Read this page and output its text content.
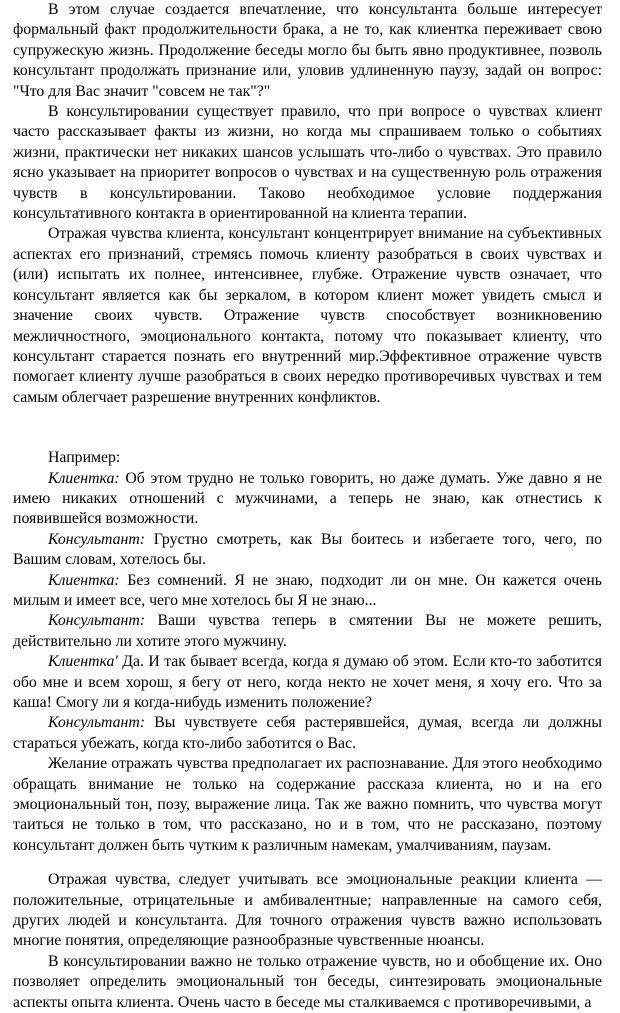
В этом случае создается впечатление, что консультанта больше интересует формальный факт продолжительности брака, а не то, как клиентка переживает свою супружескую жизнь. Продолжение беседы могло бы быть явно продуктивнее, позволь консультант продолжать признание или, уловив удлиненную паузу, задай он вопрос: "Что для Вас значит "совсем не так"?"

В консультировании существует правило, что при вопросе о чувствах клиент часто рассказывает факты из жизни, но когда мы спрашиваем только о событиях жизни, практически нет никаких шансов услышать что-либо о чувствах. Это правило ясно указывает на приоритет вопросов о чувствах и на существенную роль отражения чувств в консультировании. Таково необходимое условие поддержания консультативного контакта в ориентированной на клиента терапии.

Отражая чувства клиента, консультант концентрирует внимание на субъективных аспектах его признаний, стремясь помочь клиенту разобраться в своих чувствах и (или) испытать их полнее, интенсивнее, глубже. Отражение чувств означает, что консультант является как бы зеркалом, в котором клиент может увидеть смысл и значение своих чувств. Отражение чувств способствует возникновению межличностного, эмоционального контакта, потому что показывает клиенту, что консультант старается познать его внутренний мир.Эффективное отражение чувств помогает клиенту лучше разобраться в своих нередко противоречивых чувствах и тем самым облегчает разрешение внутренних конфликтов.

Например:

Клиентка: Об этом трудно не только говорить, но даже думать. Уже давно я не имею никаких отношений с мужчинами, а теперь не знаю, как отнестись к появившейся возможности.

Консультант: Грустно смотреть, как Вы боитесь и избегаете того, чего, по Вашим словам, хотелось бы.

Клиентка: Без сомнений. Я не знаю, подходит ли он мне. Он кажется очень милым и имеет все, чего мне хотелось бы Я не знаю...

Консультант: Ваши чувства теперь в смятении Вы не можете решить, действительно ли хотите этого мужчину.

Клиентка' Да. И так бывает всегда, когда я думаю об этом. Если кто-то заботится обо мне и всем хорош, я бегу от него, когда некто не хочет меня, я хочу его. Что за каша! Смогу ли я когда-нибудь изменить положение?

Консультант: Вы чувствуете себя растерявшейся, думая, всегда ли должны стараться убежать, когда кто-либо заботится о Вас.

Желание отражать чувства предполагает их распознавание. Для этого необходимо обращать внимание не только на содержание рассказа клиента, но и на его эмоциональный тон, позу, выражение лица. Так же важно помнить, что чувства могут таиться не только в том, что рассказано, но и в том, что не рассказано, поэтому консультант должен быть чутким к различным намекам, умалчиваниям, паузам.

Отражая чувства, следует учитывать все эмоциональные реакции клиента — положительные, отрицательные и амбивалентные; направленные на самого себя, других людей и консультанта. Для точного отражения чувств важно использовать многие понятия, определяющие разнообразные чувственные нюансы.

В консультировании важно не только отражение чувств, но и обобщение их. Оно позволяет определить эмоциональный тон беседы, синтезировать эмоциональные аспекты опыта клиента. Очень часто в беседе мы сталкиваемся с противоречивыми, а
